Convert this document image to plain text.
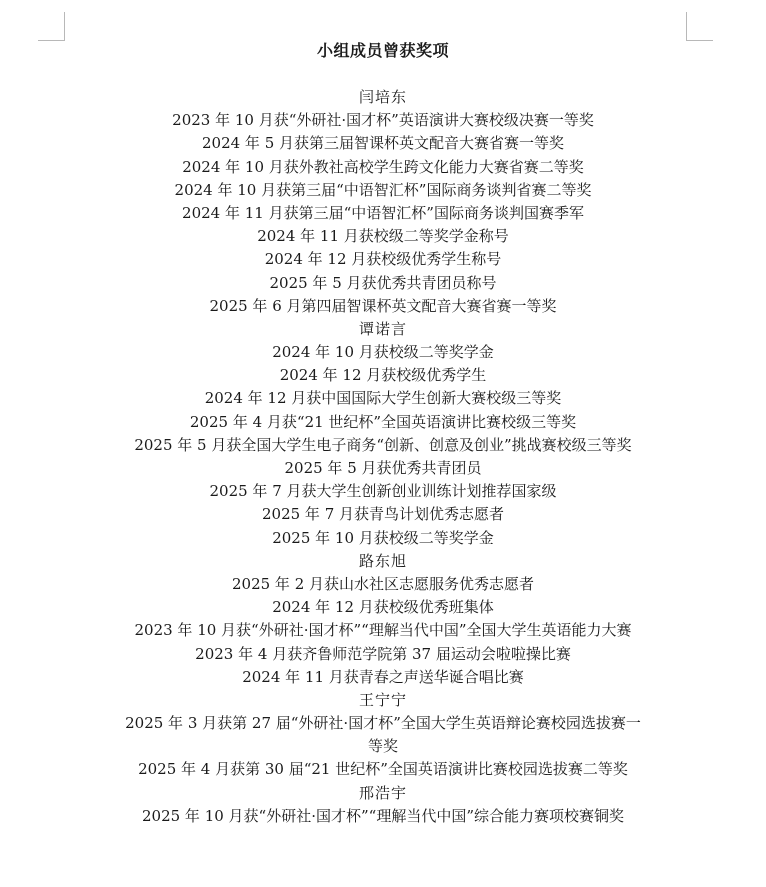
小组成员曾获奖项
闫培东
2023 年 10 月获“外研社·国才杯”英语演讲大赛校级决赛一等奖
2024 年 5 月获第三届智课杯英文配音大赛省赛一等奖
2024 年 10 月获外教社高校学生跨文化能力大赛省赛二等奖
2024 年 10 月获第三届“中语智汇杯”国际商务谈判省赛二等奖
2024 年 11 月获第三届“中语智汇杯”国际商务谈判国赛季军
2024 年 11 月获校级二等奖学金称号
2024 年 12 月获校级优秀学生称号
2025 年 5 月获优秀共青团员称号
2025 年 6 月第四届智课杯英文配音大赛省赛一等奖
谭诺言
2024 年 10 月获校级二等奖学金
2024 年 12 月获校级优秀学生
2024 年 12 月获中国国际大学生创新大赛校级三等奖
2025 年 4 月获“21 世纪杯”全国英语演讲比赛校级三等奖
2025 年 5 月获全国大学生电子商务“创新、创意及创业”挑战赛校级三等奖
2025 年 5 月获优秀共青团员
2025 年 7 月获大学生创新创业训练计划推荐国家级
2025 年 7 月获青鸟计划优秀志愿者
2025 年 10 月获校级二等奖学金
路东旭
2025 年 2 月获山水社区志愿服务优秀志愿者
2024 年 12 月获校级优秀班集体
2023 年 10 月获“外研社·国才杯”“理解当代中国”全国大学生英语能力大赛
2023 年 4 月获齐鲁师范学院第 37 届运动会啦啦操比赛
2024 年 11 月获青春之声送华诞合唱比赛
王宁宁
2025 年 3 月获第 27 届“外研社·国才杯”全国大学生英语辩论赛校园选拔赛一
等奖
2025 年 4 月获第 30 届“21 世纪杯”全国英语演讲比赛校园选拔赛二等奖
邢浩宇
2025 年 10 月获“外研社·国才杯”“理解当代中国”综合能力赛项校赛铜奖
